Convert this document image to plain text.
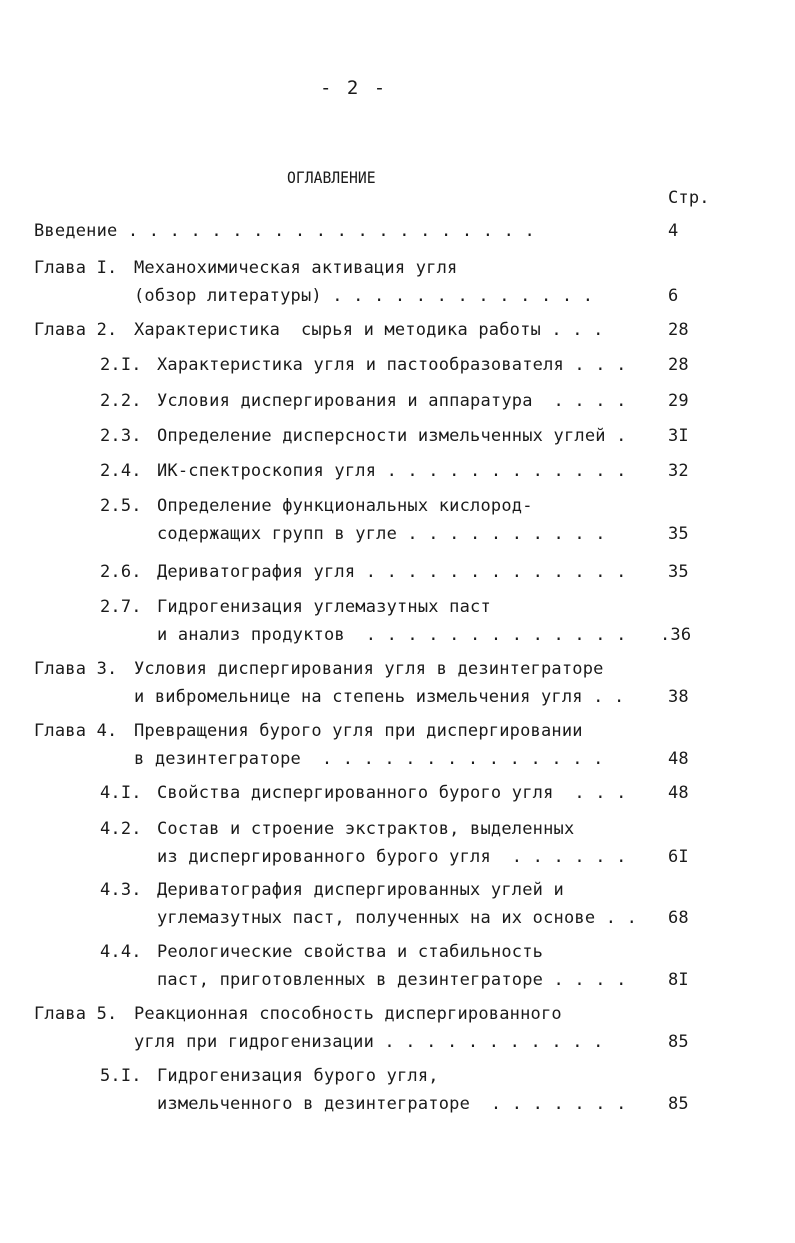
- 2 -
ОГЛАВЛЕНИЕ
Стр.
Введение . . . . . . . . . . . . . . . . . . . .	4
Глава I. Механохимическая активация угля
(обзор литературы) . . . . . . . . . . . . .	6
Глава 2. Характеристика  сырья и методика работы . . .	28
2.I. Характеристика угля и пастообразователя . . . 28
2.2. Условия диспергирования и аппаратура  . . . . 29
2.3. Определение дисперсности измельченных углей . 3I
2.4. ИК-спектроскопия угля . . . . . . . . . . . . 32
2.5. Определение функциональных кислород-
содержащих групп в угле . . . . . . . . . .	35
2.6. Дериватография угля . . . . . . . . . . . . . 35
2.7. Гидрогенизация углемазутных паст
и анализ продуктов  . . . . . . . . . . . . . .36
Глава 3. Условия диспергирования угля в дезинтеграторе
и вибромельнице на степень измельчения угля . .	38
Глава 4. Превращения бурого угля при диспергировании
в дезинтеграторе  . . . . . . . . . . . . . .	48
4.I. Свойства диспергированного бурого угля  . . . 48
4.2. Состав и строение экстрактов, выделенных
из диспергированного бурого угля  . . . . . . 6I
4.3. Дериватография диспергированных углей и
углемазутных паст, полученных на их основе . . 68
4.4. Реологические свойства и стабильность
паст, приготовленных в дезинтеграторе . . . . 8I
Глава 5. Реакционная способность диспергированного
угля при гидрогенизации . . . . . . . . . . .	85
5.I. Гидрогенизация бурого угля,
измельченного в дезинтеграторе  . . . . . . . 85
